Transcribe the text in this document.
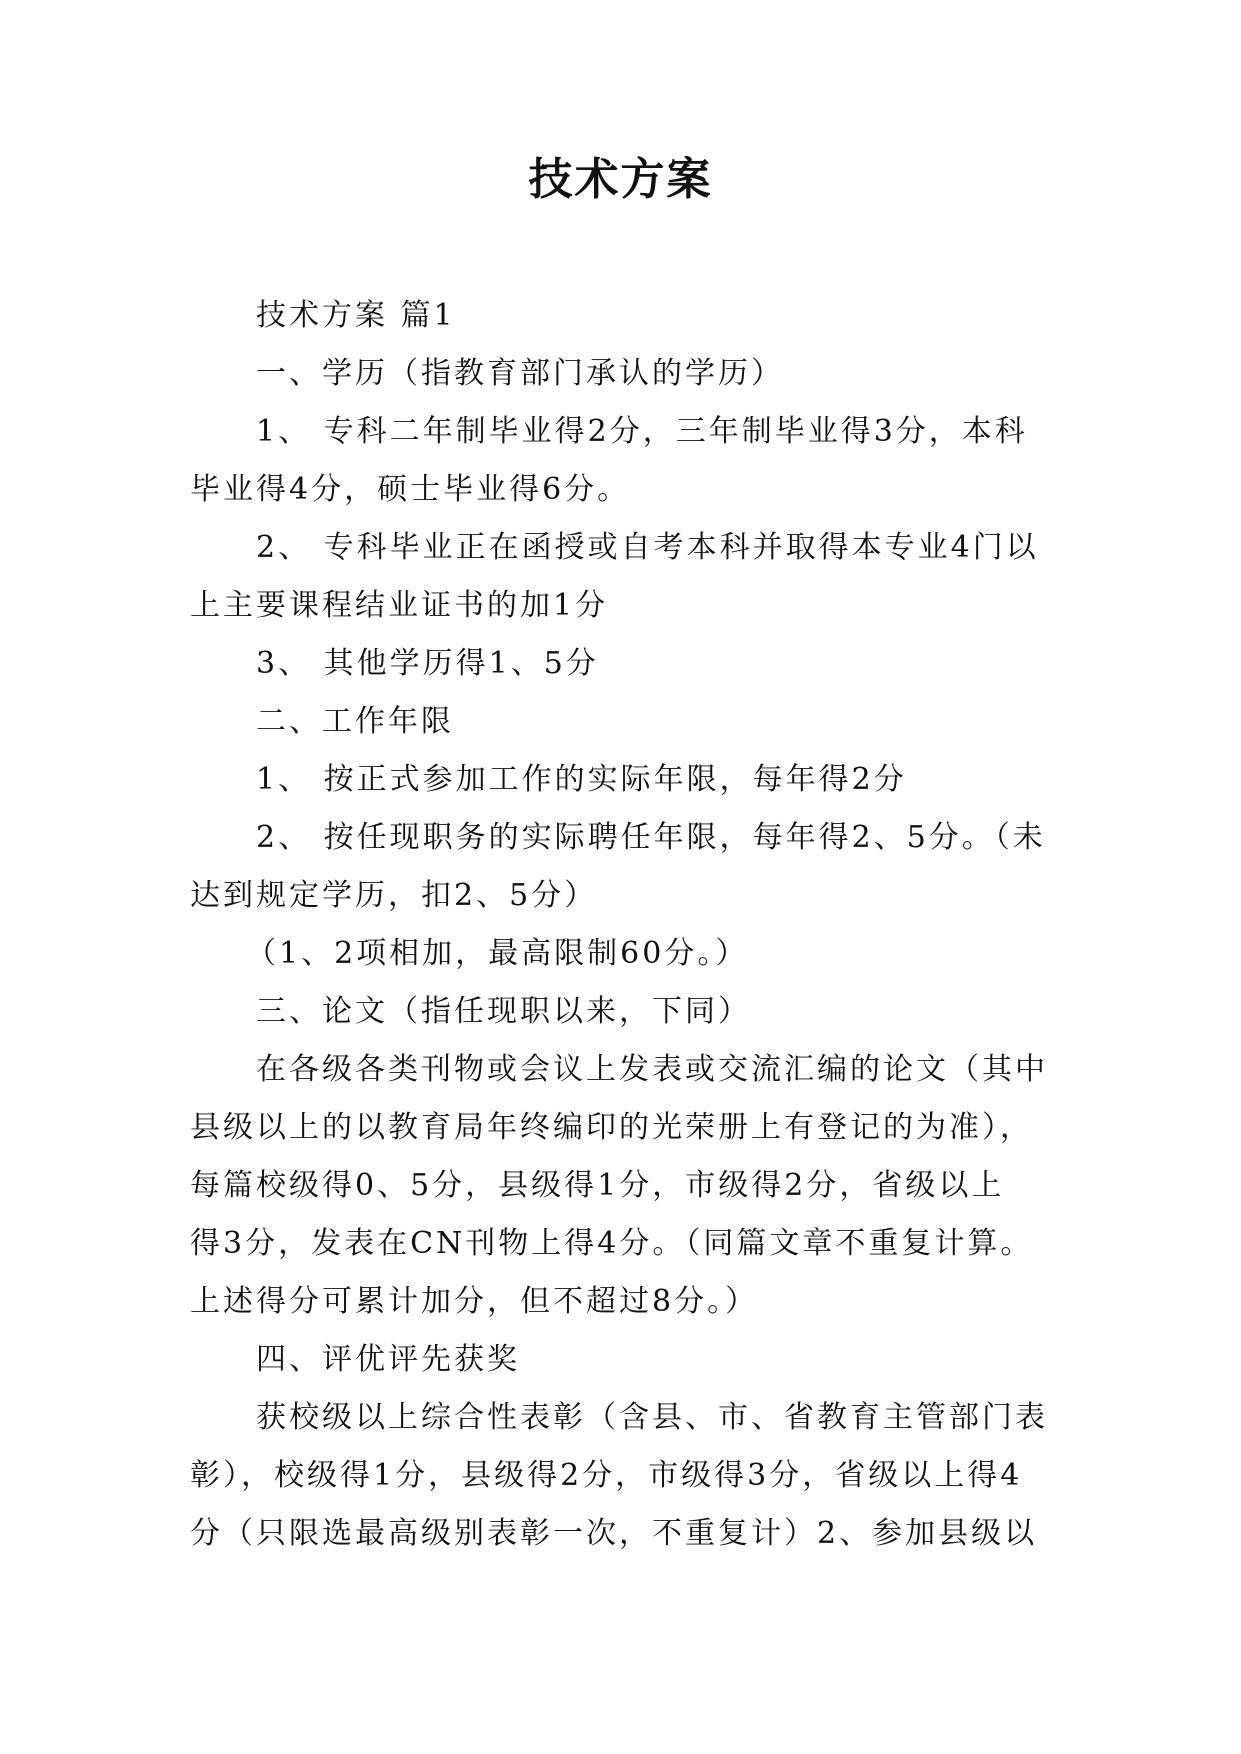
技术方案

技术方案 篇1

一、学历（指教育部门承认的学历）

1、 专科二年制毕业得2分，三年制毕业得3分，本科

毕业得4分，硕士毕业得6分。

2、 专科毕业正在函授或自考本科并取得本专业4门以

上主要课程结业证书的加1分

3、 其他学历得1、5分

二、工作年限

1、 按正式参加工作的实际年限，每年得2分

2、 按任现职务的实际聘任年限，每年得2、5分。（未

达到规定学历，扣2、5分）

（1、2项相加，最高限制60分。）

三、论文（指任现职以来，下同）

在各级各类刊物或会议上发表或交流汇编的论文（其中

县级以上的以教育局年终编印的光荣册上有登记的为准），

每篇校级得0、5分，县级得1分，市级得2分，省级以上

得3分，发表在CN刊物上得4分。（同篇文章不重复计算。

上述得分可累计加分，但不超过8分。）

四、评优评先获奖

获校级以上综合性表彰（含县、市、省教育主管部门表

彰），校级得1分，县级得2分，市级得3分，省级以上得4

分（只限选最高级别表彰一次，不重复计）2、参加县级以
